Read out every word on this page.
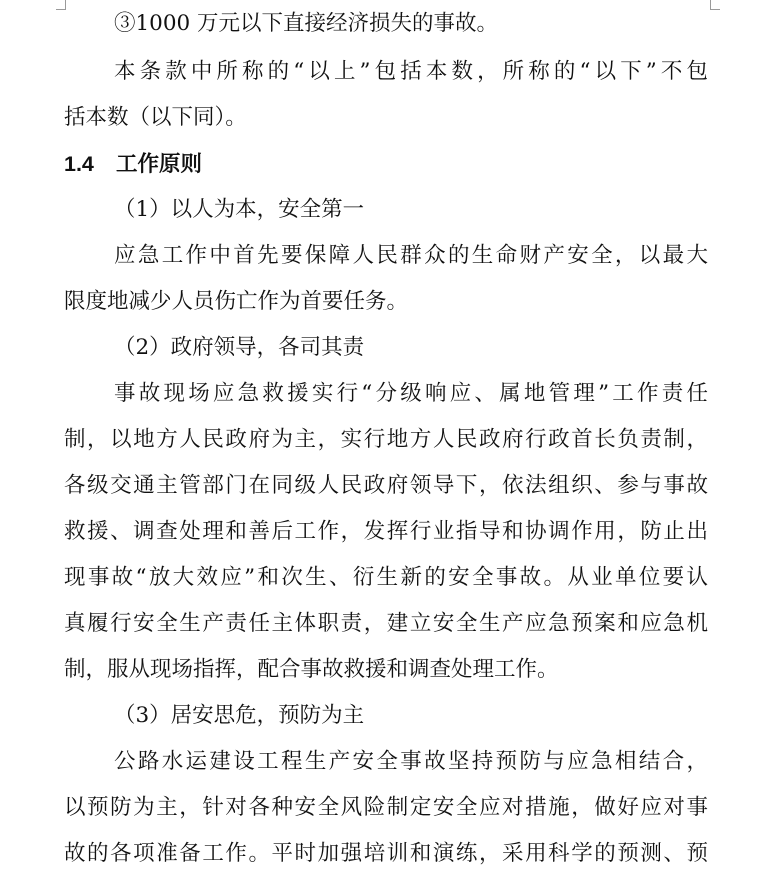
③1000 万元以下直接经济损失的事故。
本条款中所称的“以上”包括本数，所称的“以下”不包
括本数（以下同）。
1.4 工作原则
（1）以人为本，安全第一
应急工作中首先要保障人民群众的生命财产安全，以最大
限度地减少人员伤亡作为首要任务。
（2）政府领导，各司其责
事故现场应急救援实行“分级响应、属地管理”工作责任
制，以地方人民政府为主，实行地方人民政府行政首长负责制，
各级交通主管部门在同级人民政府领导下，依法组织、参与事故
救援、调查处理和善后工作，发挥行业指导和协调作用，防止出
现事故“放大效应”和次生、衍生新的安全事故。从业单位要认
真履行安全生产责任主体职责，建立安全生产应急预案和应急机
制，服从现场指挥，配合事故救援和调查处理工作。
（3）居安思危，预防为主
公路水运建设工程生产安全事故坚持预防与应急相结合，
以预防为主，针对各种安全风险制定安全应对措施，做好应对事
故的各项准备工作。平时加强培训和演练，采用科学的预测、预
